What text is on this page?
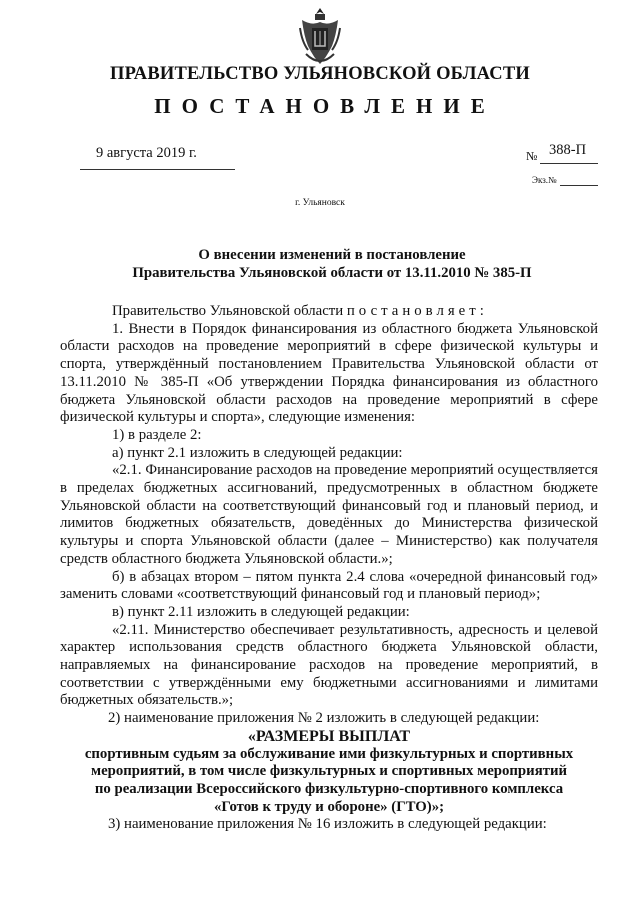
ПРАВИТЕЛЬСТВО УЛЬЯНОВСКОЙ ОБЛАСТИ
ПОСТАНОВЛЕНИЕ
9 августа 2019 г.	№ 388-П
Экз.№
г. Ульяновск
О внесении изменений в постановление
Правительства Ульяновской области от 13.11.2010 № 385-П

Правительство Ульяновской области постановляет:

1. Внести в Порядок финансирования из областного бюджета Ульяновской области расходов на проведение мероприятий в сфере физической культуры и спорта, утверждённый постановлением Правительства Ульяновской области от 13.11.2010 № 385-П «Об утверждении Порядка финансирования из областного бюджета Ульяновской области расходов на проведение мероприятий в сфере физической культуры и спорта», следующие изменения:

1) в разделе 2:

а) пункт 2.1 изложить в следующей редакции:

«2.1. Финансирование расходов на проведение мероприятий осуществляется в пределах бюджетных ассигнований, предусмотренных в областном бюджете Ульяновской области на соответствующий финансовый год и плановый период, и лимитов бюджетных обязательств, доведённых до Министерства физической культуры и спорта Ульяновской области (далее – Министерство) как получателя средств областного бюджета Ульяновской области.»;

б) в абзацах втором – пятом пункта 2.4 слова «очередной финансовый год» заменить словами «соответствующий финансовый год и плановый период»;

в) пункт 2.11 изложить в следующей редакции:

«2.11. Министерство обеспечивает результативность, адресность и целевой характер использования средств областного бюджета Ульяновской области, направляемых на финансирование расходов на проведение мероприятий, в соответствии с утверждёнными ему бюджетными ассигнованиями и лимитами бюджетных обязательств.»;

2) наименование приложения № 2 изложить в следующей редакции:

«РАЗМЕРЫ ВЫПЛАТ

спортивным судьям за обслуживание ими физкультурных и спортивных

мероприятий, в том числе физкультурных и спортивных мероприятий

по реализации Всероссийского физкультурно-спортивного комплекса

«Готов к труду и обороне» (ГТО)»;

3) наименование приложения № 16 изложить в следующей редакции:
